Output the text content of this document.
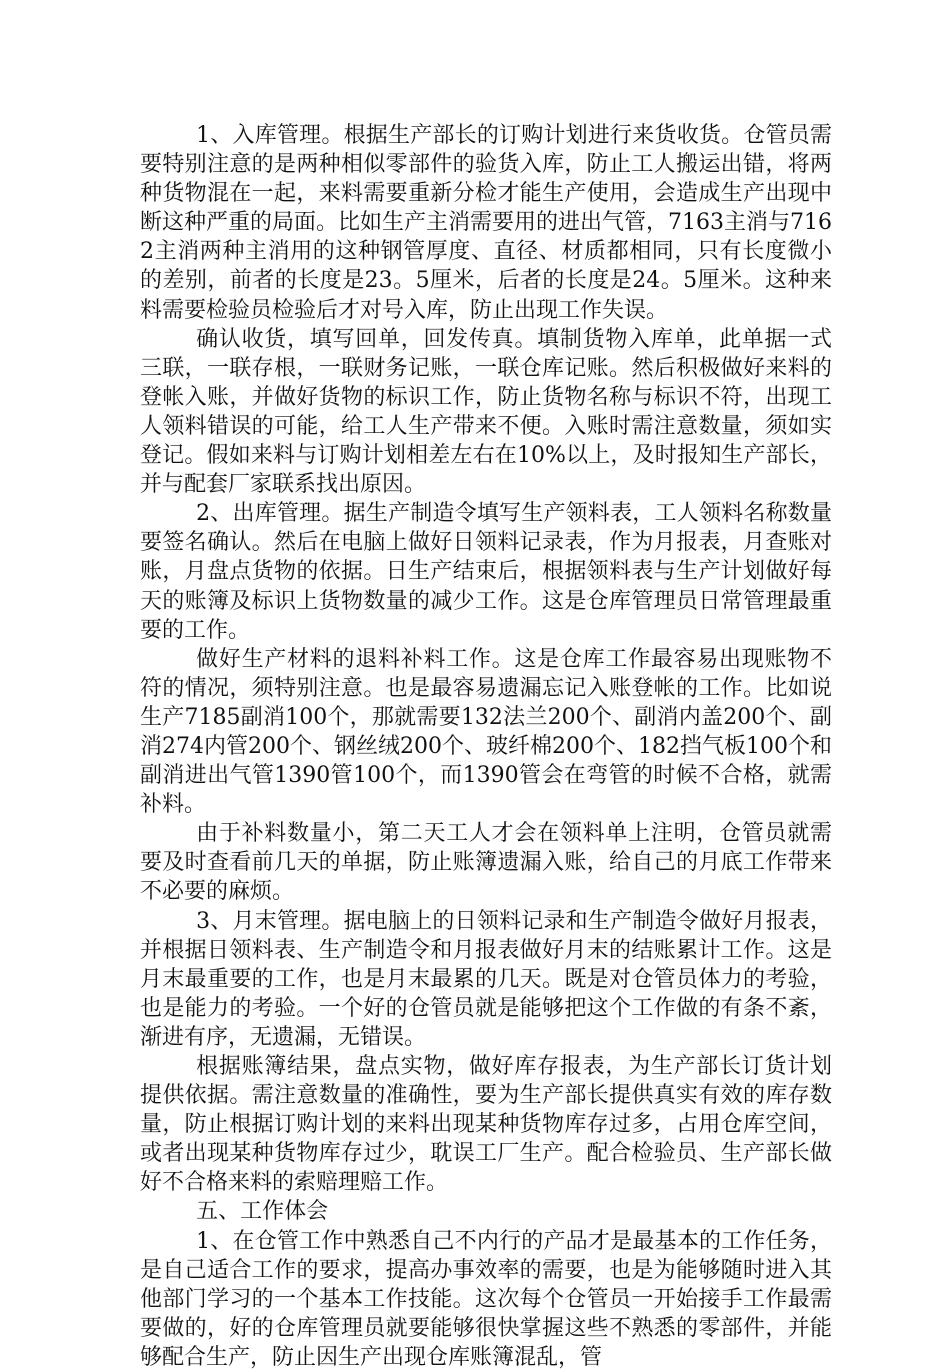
1、入库管理。根据生产部长的订购计划进行来货收货。仓管员需要特别注意的是两种相似零部件的验货入库，防止工人搬运出错，将两种货物混在一起，来料需要重新分检才能生产使用，会造成生产出现中断这种严重的局面。比如生产主消需要用的进出气管，7163主消与7162主消两种主消用的这种钢管厚度、直径、材质都相同，只有长度微小的差别，前者的长度是23。5厘米，后者的长度是24。5厘米。这种来料需要检验员检验后才对号入库，防止出现工作失误。

确认收货，填写回单，回发传真。填制货物入库单，此单据一式三联，一联存根，一联财务记账，一联仓库记账。然后积极做好来料的登帐入账，并做好货物的标识工作，防止货物名称与标识不符，出现工人领料错误的可能，给工人生产带来不便。入账时需注意数量，须如实登记。假如来料与订购计划相差左右在10%以上，及时报知生产部长，并与配套厂家联系找出原因。

2、出库管理。据生产制造令填写生产领料表，工人领料名称数量要签名确认。然后在电脑上做好日领料记录表，作为月报表，月查账对账，月盘点货物的依据。日生产结束后，根据领料表与生产计划做好每天的账簿及标识上货物数量的减少工作。这是仓库管理员日常管理最重要的工作。

做好生产材料的退料补料工作。这是仓库工作最容易出现账物不符的情况，须特别注意。也是最容易遗漏忘记入账登帐的工作。比如说生产7185副消100个，那就需要132法兰200个、副消内盖200个、副消274内管200个、钢丝绒200个、玻纤棉200个、182挡气板100个和副消进出气管1390管100个，而1390管会在弯管的时候不合格，就需补料。

由于补料数量小，第二天工人才会在领料单上注明，仓管员就需要及时查看前几天的单据，防止账簿遗漏入账，给自己的月底工作带来不必要的麻烦。

3、月末管理。据电脑上的日领料记录和生产制造令做好月报表，并根据日领料表、生产制造令和月报表做好月末的结账累计工作。这是月末最重要的工作，也是月末最累的几天。既是对仓管员体力的考验，也是能力的考验。一个好的仓管员就是能够把这个工作做的有条不紊，渐进有序，无遗漏，无错误。

根据账簿结果，盘点实物，做好库存报表，为生产部长订货计划提供依据。需注意数量的准确性，要为生产部长提供真实有效的库存数量，防止根据订购计划的来料出现某种货物库存过多，占用仓库空间，或者出现某种货物库存过少，耽误工厂生产。配合检验员、生产部长做好不合格来料的索赔理赔工作。

五、工作体会

1、在仓管工作中熟悉自己不内行的产品才是最基本的工作任务，是自己适合工作的要求，提高办事效率的需要，也是为能够随时进入其他部门学习的一个基本工作技能。这次每个仓管员一开始接手工作最需要做的，好的仓库管理员就要能够很快掌握这些不熟悉的零部件，并能够配合生产，防止因生产出现仓库账簿混乱，管
